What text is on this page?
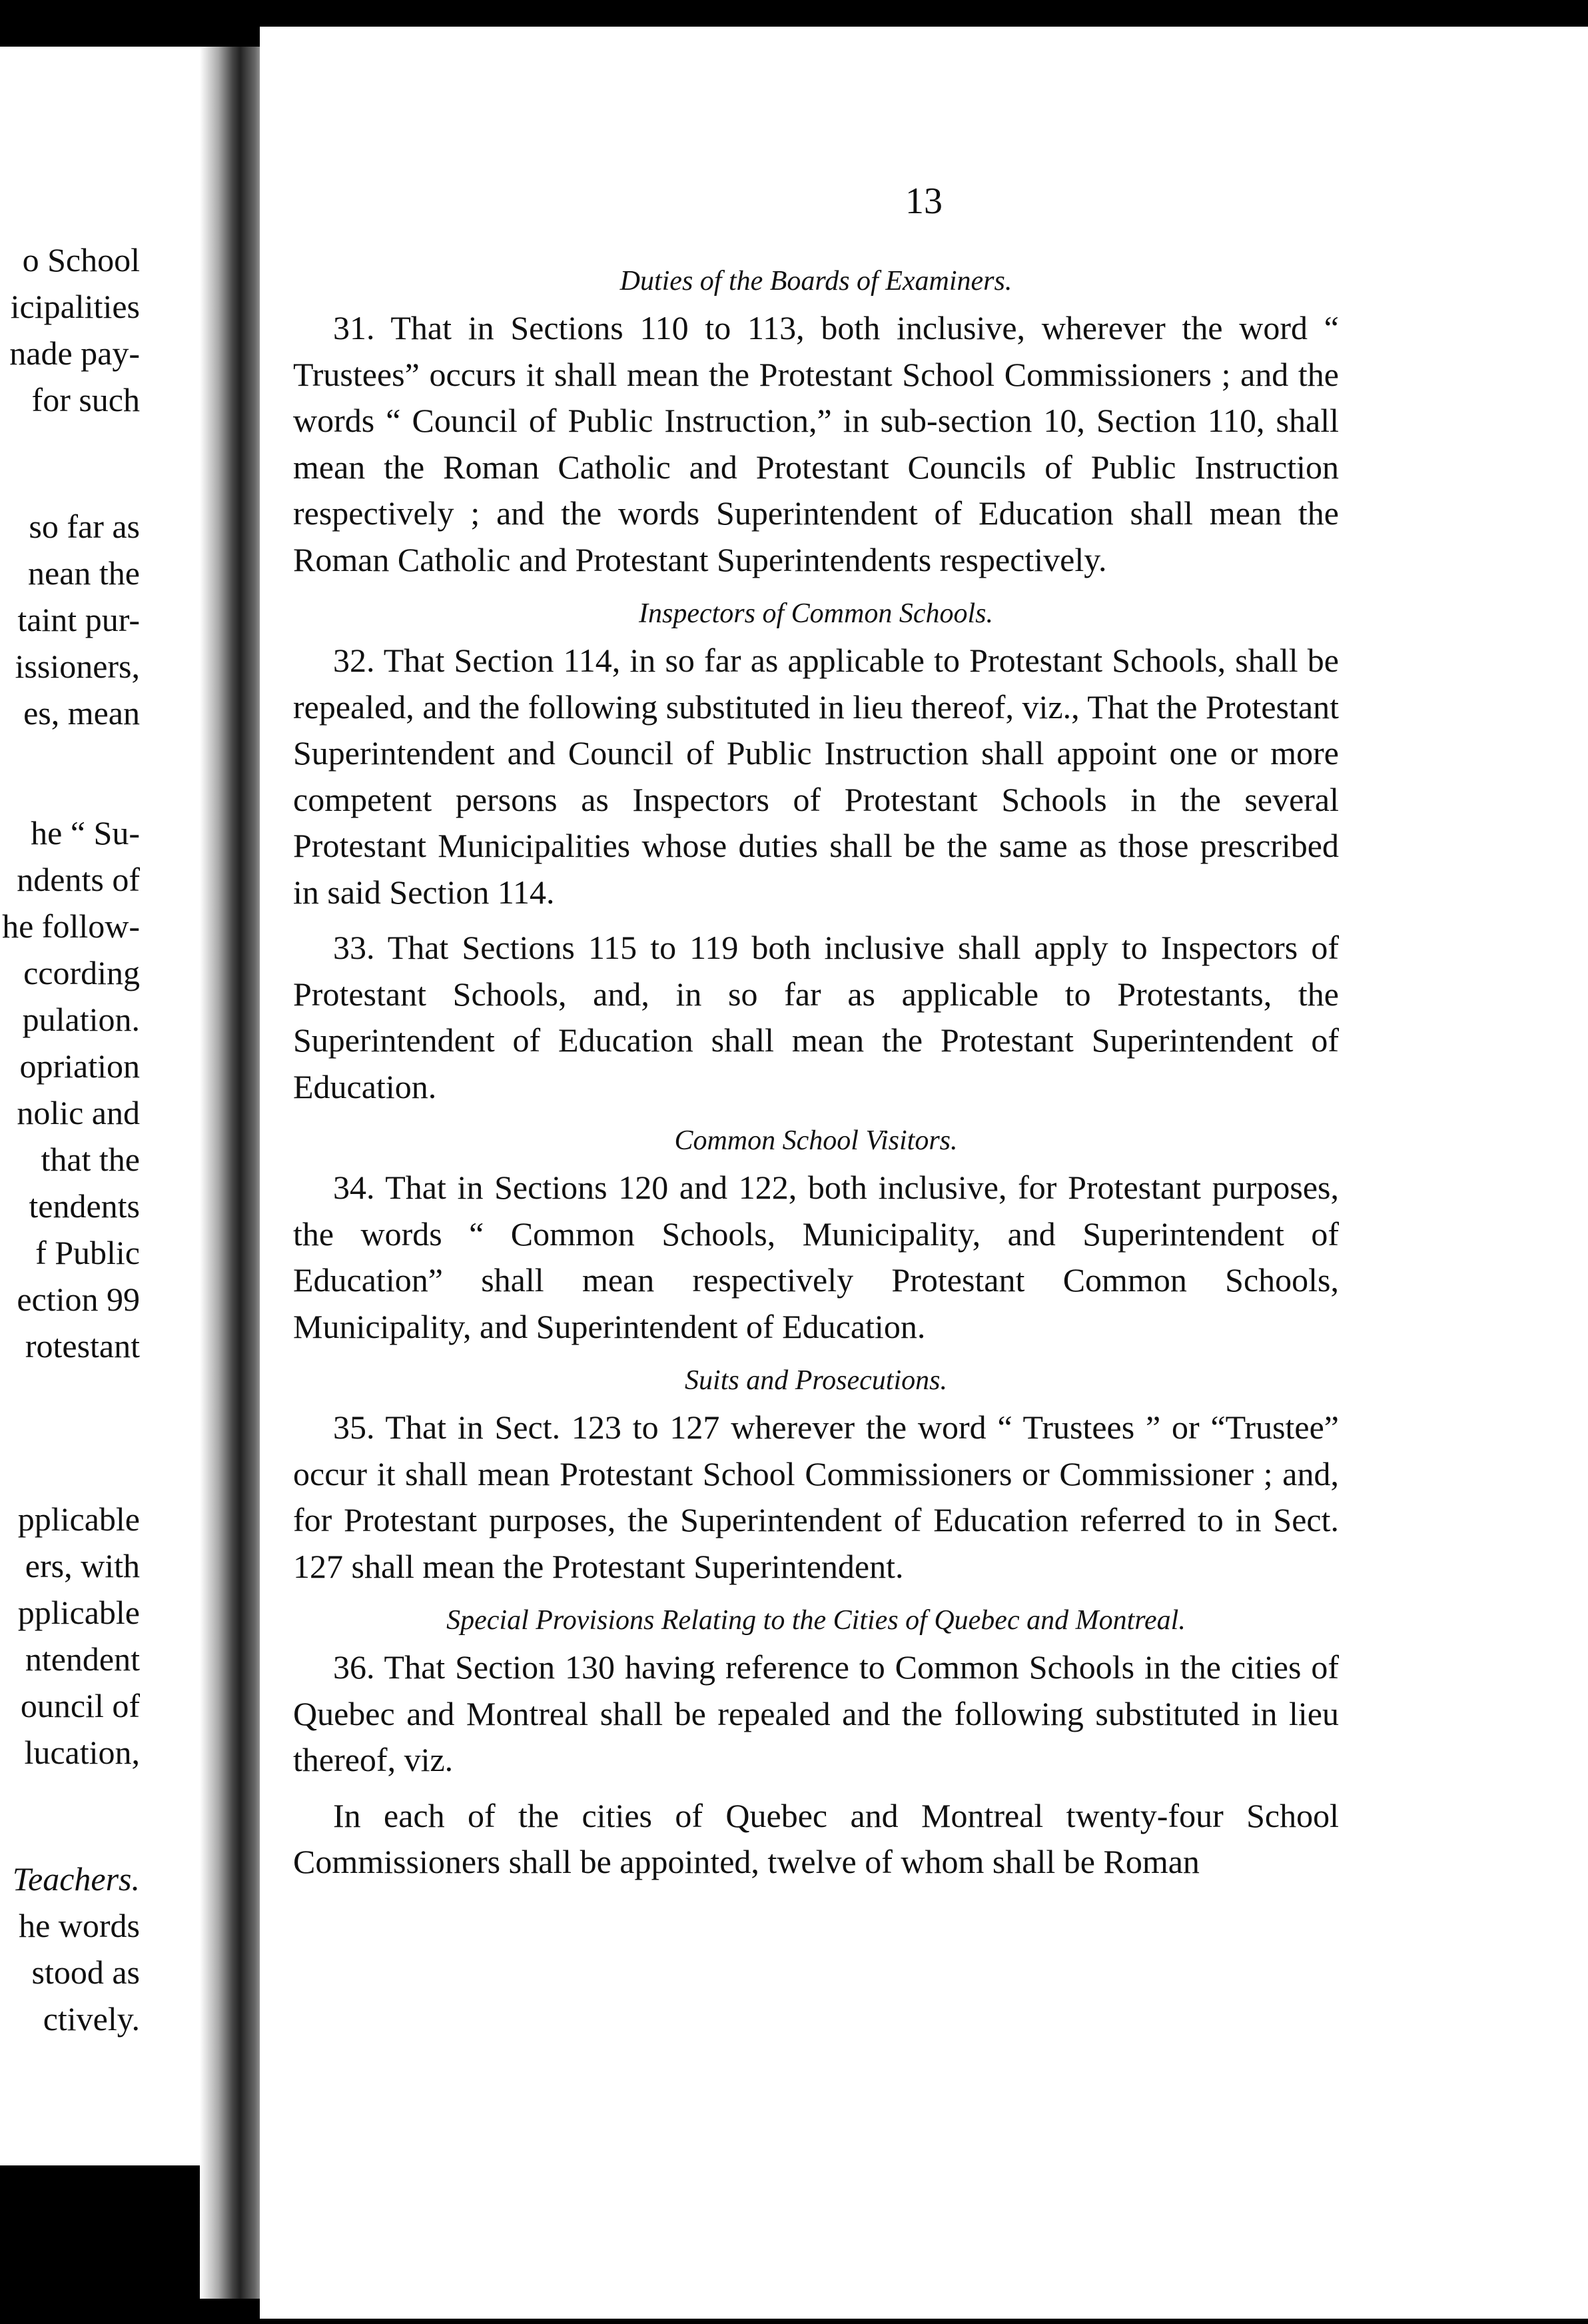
o School
icipalities
nade pay-
for such
so far as
nean the
taint pur-
issioners,
es, mean
he “ Su-
ndents of
he follow-
ccording
pulation.
opriation
nolic and
that the
tendents
f Public
ection 99
rotestant
pplicable
ers, with
pplicable
ntendent
ouncil of
lucation,
Teachers.
he words
stood as
ctively.
13
Duties of the Boards of Examiners.

31. That in Sections 110 to 113, both inclusive, wherever the word “ Trustees” occurs it shall mean the Protestant School Commissioners ; and the words “ Council of Public Instruction,” in sub-section 10, Section 110, shall mean the Roman Catholic and Protestant Councils of Public Instruction respectively ; and the words Superintendent of Education shall mean the Roman Catholic and Protestant Superintendents respectively.

Inspectors of Common Schools.

32. That Section 114, in so far as applicable to Protestant Schools, shall be repealed, and the following substituted in lieu thereof, viz., That the Protestant Superintendent and Council of Public Instruction shall appoint one or more competent persons as Inspectors of Protestant Schools in the several Protestant Municipalities whose duties shall be the same as those prescribed in said Section 114.

33. That Sections 115 to 119 both inclusive shall apply to Inspectors of Protestant Schools, and, in so far as applicable to Protestants, the Superintendent of Education shall mean the Protestant Superintendent of Education.

Common School Visitors.

34. That in Sections 120 and 122, both inclusive, for Protestant purposes, the words “ Common Schools, Municipality, and Superintendent of Education” shall mean respectively Protestant Common Schools, Municipality, and Superintendent of Education.

Suits and Prosecutions.

35. That in Sect. 123 to 127 wherever the word “ Trustees ” or “Trustee” occur it shall mean Protestant School Commissioners or Commissioner ; and, for Protestant purposes, the Superintendent of Education referred to in Sect. 127 shall mean the Protestant Superintendent.

Special Provisions Relating to the Cities of Quebec and Montreal.

36. That Section 130 having reference to Common Schools in the cities of Quebec and Montreal shall be repealed and the following substituted in lieu thereof, viz.

In each of the cities of Quebec and Montreal twenty-four School Commissioners shall be appointed, twelve of whom shall be Roman
